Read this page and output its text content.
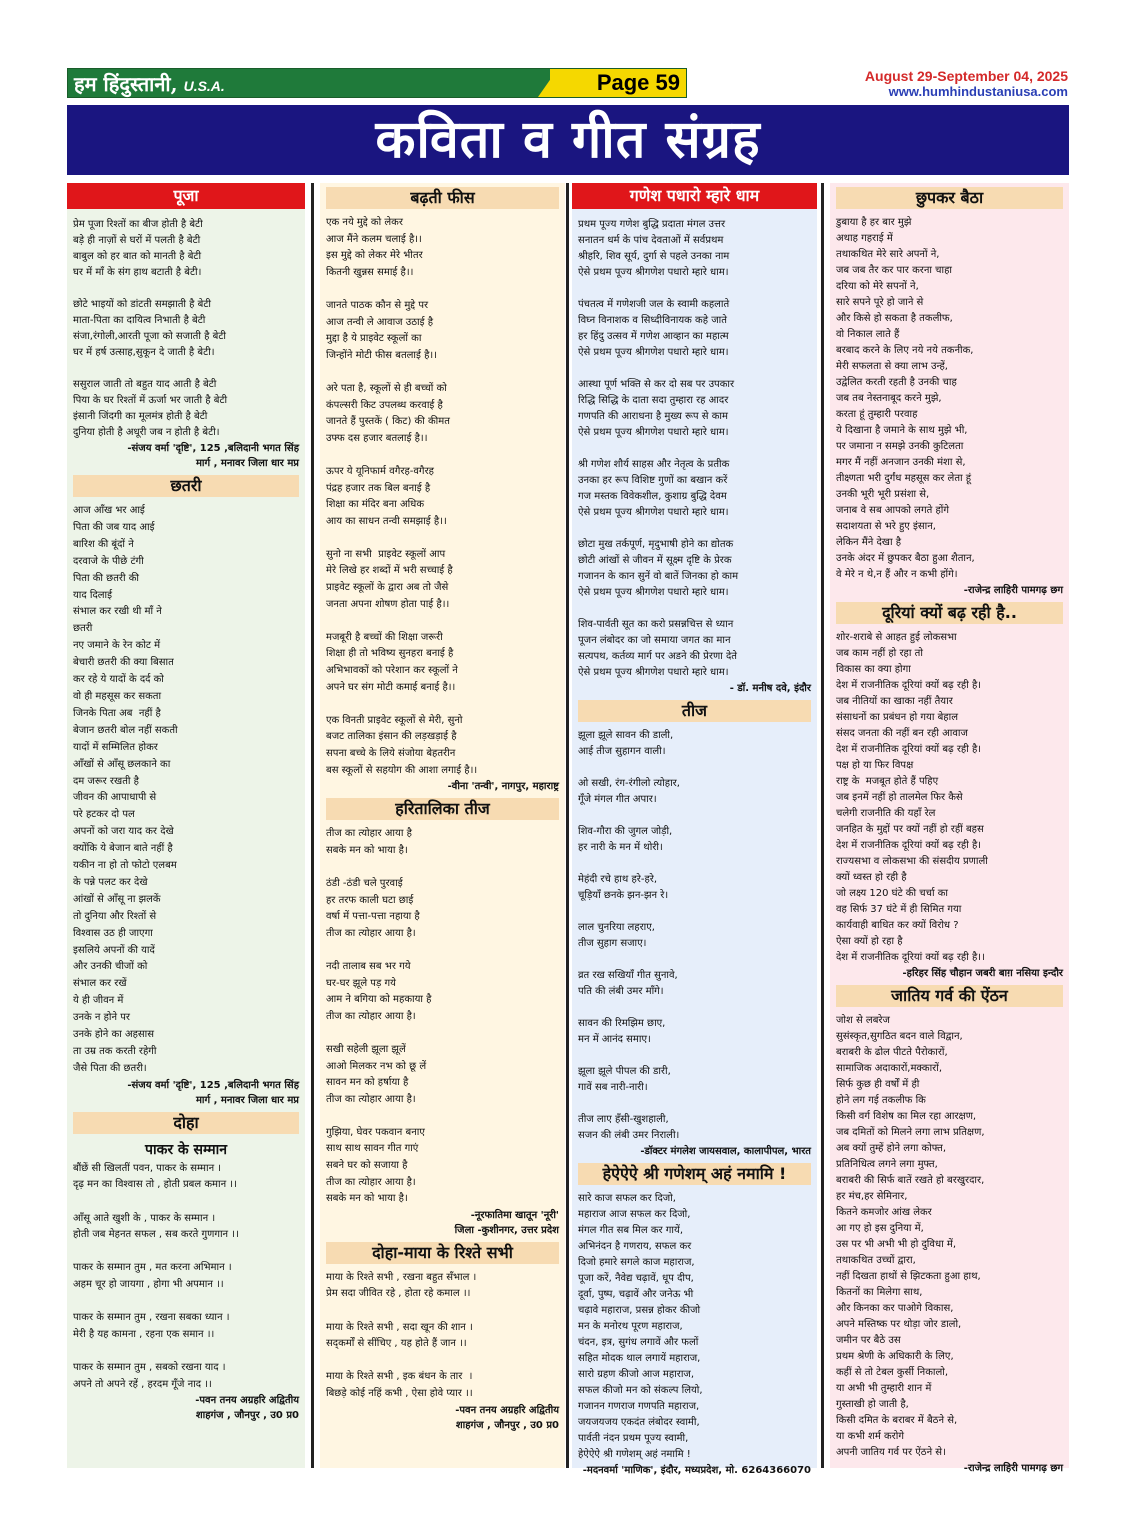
हम हिंदुस्तानी, U.S.A.	Page 59	August 29-September 04, 2025
www.humhindustaniusa.com
कविता व गीत संग्रह
पूजा
प्रेम पूजा रिश्तों का बीज होती है बेटी
बड़े ही नाज़ों से घरों में पलती है बेटी
बाबुल को हर बात को मानती है बेटी
घर में माँ के संग हाथ बटाती है बेटी।

छोटे भाइयों को डांटती समझाती है बेटी
माता-पिता का दायित्व निभाती है बेटी
संजा,रंगोली,आरती पूजा को सजाती है बेटी
घर में हर्ष उत्साह,सुकून दे जाती है बेटी।

ससुराल जाती तो बहुत याद आती है बेटी
पिया के घर रिश्तों में ऊर्जा भर जाती है बेटी
इंसानी जिंदगी का मूलमंत्र होती है बेटी
दुनिया होती है अधूरी जब न होती है बेटी।
-संजय वर्मा 'दृष्टि', 125 ,बलिदानी भगत सिंह
मार्ग , मनावर जिला धार मप्र
छतरी
आज आँख भर आई
पिता की जब याद आई
बारिश की बूंदों ने
दरवाजे के पीछे टंगी
पिता की छतरी की
याद दिलाई
संभाल कर रखी थी माँ ने
छतरी
नए जमाने के रेन कोट में
बेचारी छतरी की क्या बिसात
कर रहे ये यादों के दर्द को
वो ही महसूस कर सकता
जिनके पिता अब  नहीं है
बेजान छतरी बोल नहीं सकती
यादों में सम्मिलित होकर
आँखों से आँसू छलकाने का
दम जरूर रखती है
जीवन की आपाधापी से
परे हटकर दो पल
अपनों को जरा याद कर देखे
क्योंकि ये बेजान बाते नहीं है
यकीन ना हो तो फोटो एलबम
के पन्ने पलट कर देखे
आंखों से आँसू ना झलकें
तो दुनिया और रिश्तों से
विश्वास उठ ही जाएगा
इसलिये अपनों की यादें
और उनकी चीजों को
संभाल कर रखें
ये ही जीवन में
उनके न होने पर
उनके होने का अहसास
ता उम्र तक करती रहेगी
जैसे पिता की छतरी।
-संजय वर्मा 'दृष्टि', 125 ,बलिदानी भगत सिंह
मार्ग , मनावर जिला धार मप्र
दोहा
पाकर के सम्मान
बौंछें सी खिलतीं पवन, पाकर के सम्मान ।
दृढ़ मन का विश्वास तो , होती प्रबल कमान ।।

आँसू आते खुशी के , पाकर के सम्मान ।
होती जब मेहनत सफल , सब करते गुणगान ।।

पाकर के सम्मान तुम , मत करना अभिमान ।
अहम चूर हो जायगा , होगा भी अपमान ।।

पाकर के सम्मान तुम , रखना सबका ध्यान ।
मेरी है यह कामना , रहना एक समान ।।

पाकर के सम्मान तुम , सबको रखना याद ।
अपने तो अपने रहें , हरदम गूँजे नाद ।।
-पवन तनय अग्रहरि अद्वितीय
शाहगंज , जौनपुर , उ0 प्र0
बढ़ती फीस
एक नये मुद्दे को लेकर
आज मैंने कलम चलाई है।।
इस मुद्दे को लेकर मेरे भीतर
कितनी खुन्नस समाई है।।

जानते पाठक कौन से मुद्दे पर
आज तन्वी ले आवाज उठाई है
मुद्दा है ये प्राइवेट स्कूलों का
जिन्होंने मोटी फीस बतलाई है।।

अरे पता है, स्कूलों से ही बच्चों को
कंपल्सरी किट उपलब्ध करवाई है
जानते हैं पुस्तकें ( किट) की कीमत
उफ्फ दस हजार बतलाई है।।

ऊपर ये यूनिफार्म वगैरह-वगैरह
पंद्रह हजार तक बिल बनाई है
शिक्षा का मंदिर बना अधिक
आय का साधन तन्वी समझाई है।।

सुनो ना सभी  प्राइवेट स्कूलों आप
मेरे लिखे हर शब्दों में भरी सच्चाई है
प्राइवेट स्कूलों के द्वारा अब तो जैसे
जनता अपना शोषण होता पाई है।।

मजबूरी है बच्चों की शिक्षा जरूरी
शिक्षा ही तो भविष्य सुनहरा बनाई है
अभिभावकों को परेशान कर स्कूलों ने
अपने घर संग मोटी कमाई बनाई है।।

एक विनती प्राइवेट स्कूलों से मेरी, सुनो
बजट तालिका इंसान की लड़खड़ाई है
सपना बच्चे के लिये संजोया बेहतरीन
बस स्कूलों से सहयोग की आशा लगाई है।।
-वीना 'तन्वी', नागपुर, महाराष्ट्र
हरितालिका तीज
तीज का त्योहार आया है
सबके मन को भाया है।

ठंडी -ठंडी चले पुरवाई
हर तरफ काली घटा छाई
वर्षा में पत्ता-पत्ता नहाया है
तीज का त्योहार आया है।

नदी तालाब सब भर गये
घर-घर झूले पड़ गये
आम ने बगिया को महकाया है
तीज का त्योहार आया है।

सखी सहेली झूला झूलें
आओ मिलकर नभ को छू लें
सावन मन को हर्षाया है
तीज का त्योहार आया है।

गुझिया, घेवर पकवान बनाए
साथ साथ सावन गीत गाएं
सबने घर को सजाया है
तीज का त्योहार आया है।
सबके मन को भाया है।
-नूरफातिमा खातून 'नूरी'
जिला -कुशीनगर, उत्तर प्रदेश
दोहा-माया के रिश्ते सभी
माया के रिश्ते सभी , रखना बहुत सँभाल ।
प्रेम सदा जीवित रहे , होता रहे कमाल ।।

माया के रिश्ते सभी , सदा खून की शान ।
सद्कर्मों से सींचिए , यह होते हैं जान ।।

माया के रिश्ते सभी , इक बंधन के तार  ।
बिछड़े कोई नहिं कभी , ऐसा होवे प्यार ।।
-पवन तनय अग्रहरि अद्वितीय
शाहगंज , जौनपुर , उ0 प्र0
गणेश पधारो म्हारे धाम
प्रथम पूज्य गणेश बुद्धि प्रदाता मंगल उत्तर
सनातन धर्म के पांच देवताओं में सर्वप्रथम
श्रीहरि, शिव सूर्य, दुर्गा से पहले उनका नाम
ऐसे प्रथम पूज्य श्रीगणेश पधारो म्हारे धाम।

पंचतत्व में गणेशजी जल के स्वामी कहलाते
विघ्न विनाशक व सिध्दीविनायक कहे जाते
हर हिंदु उत्सव में गणेश आव्हान का महात्म
ऐसे प्रथम पूज्य श्रीगणेश पधारो म्हारे धाम।

आस्था पूर्ण भक्ति से कर दो सब पर उपकार
रिद्धि सिद्धि के दाता सदा तुम्हारा रह आदर
गणपति की आराधना है मुख्य रूप से काम
ऐसे प्रथम पूज्य श्रीगणेश पधारो म्हारे धाम।

श्री गणेश शौर्य साहस और नेतृत्व के प्रतीक
उनका हर रूप विशिष्ट गुणों का बखान करें
गज मस्तक विवेकशील, कुशाग्र बुद्धि देवम
ऐसे प्रथम पूज्य श्रीगणेश पधारो म्हारे धाम।

छोटा मुख तर्कपूर्ण, मृदुभाषी होने का द्योतक
छोटी आंखों से जीवन में सूक्ष्म दृष्टि के प्रेरक
गजानन के कान सुनें वो बातें जिनका हो काम
ऐसे प्रथम पूज्य श्रीगणेश पधारो म्हारे धाम।

शिव-पार्वती सूत का करो प्रसन्नचित्त से ध्यान
पूजन लंबोदर का जो समाया जगत का मान
सत्यपथ, कर्तव्य मार्ग पर अडने की प्रेरणा देते
ऐसे प्रथम पूज्य श्रीगणेश पधारो म्हारे धाम।
- डॉ. मनीष दवे, इंदौर
तीज
झूला झूले सावन की डाली,
आई तीज सुहागन वाली।

ओ सखी, रंग-रंगीलो त्योहार,
गूँजे मंगल गीत अपार।

शिव-गौरा की जुगल जोड़ी,
हर नारी के मन में थोरी।

मेहंदी रचे हाथ हरे-हरे,
चूड़ियाँ छनके झन-झन रे।

लाल चुनरिया लहराए,
तीज सुहाग सजाए।

व्रत रख सखियाँ गीत सुनावे,
पति की लंबी उमर माँगे।

सावन की रिमझिम छाए,
मन में आनंद समाए।

झूला झूले पीपल की डारी,
गावें सब नारी-नारी।

तीज लाए हँसी-खुशहाली,
सजन की लंबी उमर निराली।
-डॉक्टर मंगलेश जायसवाल, कालापीपल, भारत
हेऐऐऐ श्री गणेशम् अहं नमामि !
सारे काज सफल कर दिजो,
महाराज आज सफल कर दिजो,
मंगल गीत सब मिल कर गायें,
अभिनंदन है गणराय, सफल कर
दिजो हमारे सगले काज महाराज,
पूजा करें, नैवेद्य चढ़ावें, धूप दीप,
दूर्वा, पुष्प, चढ़ावें और जनेऊ भी
चढ़ावे महाराज, प्रसन्न होकर कीजो
मन के मनोरथ पूरण महाराज,
चंदन, इत्र, सुगंध लगावें और फलों
सहित मोदक थाल लगायें महाराज,
सारो ग्रहण कीजो आज महाराज,
सफल कीजो मन को संकल्प लियो,
गजानन गणराज गणपति महाराज,
जयजयजय एकदंत लंबोदर स्वामी,
पार्वती नंदन प्रथम पूज्य स्वामी,
हेऐऐऐ श्री गणेशम् अहं नमामि !
-मदनवर्मा 'माणिक', इंदौर, मध्यप्रदेश, मो. 6264366070
छुपकर बैठा
डुबाया है हर बार मुझे
अथाह गहराई में
तथाकथित मेरे सारे अपनों ने,
जब जब तैर कर पार करना चाहा
दरिया को मेरे सपनों ने,
सारे सपने पूरे हो जाने से
और किसे हो सकता है तकलीफ,
वो निकाल लाते हैं
बरबाद करने के लिए नये नये तकनीक,
मेरी सफलता से क्या लाभ उन्हें,
उद्वेलित करती रहती है उनकी चाह
जब तब नेस्तनाबूद करने मुझे,
करता हूं तुम्हारी परवाह
ये दिखाना है जमाने के साथ मुझे भी,
पर जमाना न समझे उनकी कुटिलता
मगर मैं नहीं अनजान उनकी मंशा से,
तीक्ष्णता भरी दुर्गंध महसूस कर लेता हूं
उनकी भूरी भूरी प्रसंशा से,
जनाब वे सब आपको लगते होंगे
सदाशयता से भरे हुए इंसान,
लेकिन मैंने देखा है
उनके अंदर में छुपकर बैठा हुआ शैतान,
वे मेरे न थे,न हैं और न कभी होंगे।
-राजेन्द्र लाहिरी पामगढ़ छग
दूरियां क्यों बढ़ रही है..
शोर-शराबे से आहत हुई लोकसभा
जब काम नहीं हो रहा तो
विकास का क्या होगा
देश में राजनीतिक दूरियां क्यों बढ़ रही है।
जब नीतियों का खाका नहीं तैयार
संसाधनों का प्रबंधन हो गया बेहाल
संसद जनता की नहीं बन रही आवाज
देश में राजनीतिक दूरियां क्यों बढ़ रही है।
पक्ष हो या फिर विपक्ष
राष्ट्र के  मजबूत होते हैं पहिए
जब इनमें नहीं हो तालमेल फिर कैसे
चलेगी राजनीति की यहाँ रेल
जनहित के मुद्दों पर क्यों नहीं हो रहीं बहस
देश में राजनीतिक दूरियां क्यों बढ़ रही है।
राज्यसभा व लोकसभा की संसदीय प्रणाली
क्यों ध्वस्त हो रही है
जो लक्ष्य 120 घंटे की चर्चा का
वह सिर्फ 37 घंटे में ही सिमित गया
कार्यवाही बाधित कर क्यों विरोध ?
ऐसा क्यों हो रहा है
देश में राजनीतिक दूरियां क्यों बढ़ रही है।।
-हरिहर सिंह चौहान जबरी बाग़ नसिया इन्दौर
जातिय गर्व की ऐंठन
जोश से लबरेज
सुसंस्कृत,सुगठित बदन वाले विद्वान,
बराबरी के ढोल पीटते पैरोकारों,
सामाजिक अदाकारों,मक्कारों,
सिर्फ कुछ ही वर्षों में ही
होने लग गई तकलीफ कि
किसी वर्ग विशेष का मिल रहा आरक्षण,
जब दमितों को मिलने लगा लाभ प्रतिक्षण,
अब क्यों तुम्हें होने लगा कोफ्त,
प्रतिनिधित्व लगने लगा मुफ्त,
बराबरी की सिर्फ बातें रखते हो बरखुरदार,
हर मंच,हर सेमिनार,
कितने कमजोर आंख लेकर
आ गए हो इस दुनिया में,
उस पर भी अभी भी हो दुविधा में,
तथाकथित उच्चों द्वारा,
नहीं दिखता हाथों से झिटकता हुआ हाथ,
कितनों का मिलेगा साथ,
और किनका कर पाओगे विकास,
अपने मस्तिष्क पर थोड़ा जोर डालो,
जमीन पर बैठे उस
प्रथम श्रेणी के अधिकारी के लिए,
कहीं से तो टेबल कुर्सी निकालो,
या अभी भी तुम्हारी शान में
गुस्ताखी हो जाती है,
किसी दमित के बराबर में बैठने से,
या कभी शर्म करोगे
अपनी जातिय गर्व पर ऐंठने से।
-राजेन्द्र लाहिरी पामगढ़ छग
